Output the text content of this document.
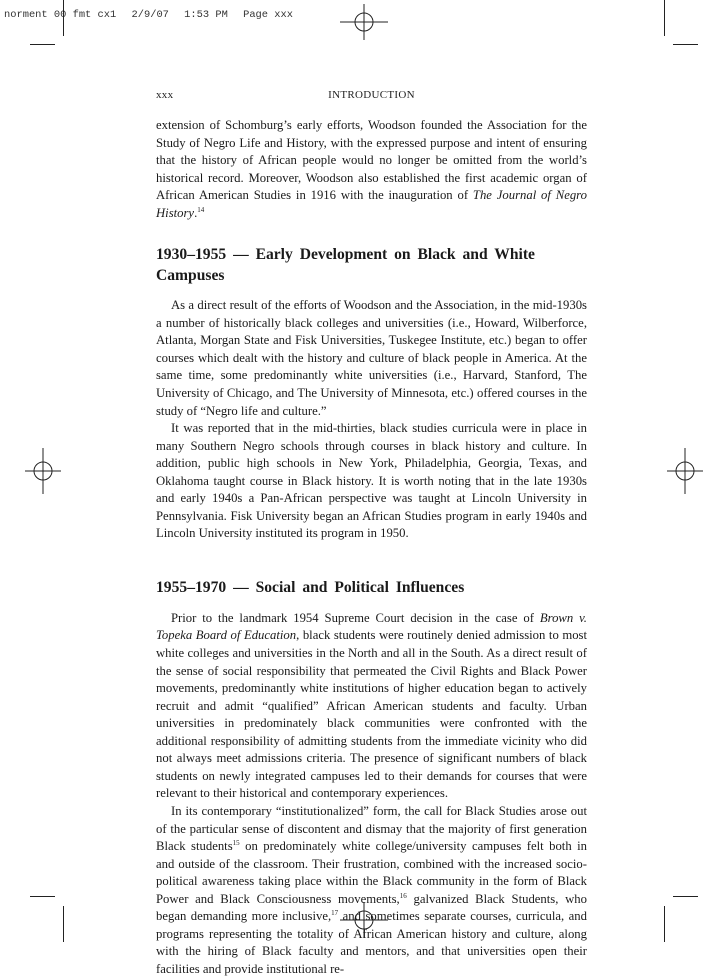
norment 00 fmt cx1 2/9/07 1:53 PM Page xxx
xxx	INTRODUCTION

extension of Schomburg’s early efforts, Woodson founded the Association for the Study of Negro Life and History, with the expressed purpose and intent of ensuring that the history of African people would no longer be omitted from the world’s historical record. Moreover, Woodson also established the first academic organ of African American Studies in 1916 with the inauguration of The Journal of Negro History.$^{14}$

1930–1955 — Early Development on Black and White Campuses

As a direct result of the efforts of Woodson and the Association, in the mid-1930s a number of historically black colleges and universities (i.e., Howard, Wilberforce, Atlanta, Morgan State and Fisk Universities, Tuskegee Institute, etc.) began to offer courses which dealt with the history and culture of black people in America. At the same time, some predominantly white universities (i.e., Harvard, Stanford, The University of Chicago, and The University of Minnesota, etc.) offered courses in the study of “Negro life and culture.”

It was reported that in the mid-thirties, black studies curricula were in place in many Southern Negro schools through courses in black history and culture. In addition, public high schools in New York, Philadelphia, Georgia, Texas, and Oklahoma taught course in Black history. It is worth noting that in the late 1930s and early 1940s a Pan-African perspective was taught at Lincoln University in Pennsylvania. Fisk University began an African Studies program in early 1940s and Lincoln University instituted its program in 1950.

1955–1970 — Social and Political Influences

Prior to the landmark 1954 Supreme Court decision in the case of Brown v. Topeka Board of Education, black students were routinely denied admission to most white colleges and universities in the North and all in the South. As a direct result of the sense of social responsibility that permeated the Civil Rights and Black Power movements, predominantly white institutions of higher education began to actively recruit and admit “qualified” African American students and faculty. Urban universities in predominately black communities were confronted with the additional responsibility of admitting students from the immediate vicinity who did not always meet admissions criteria. The presence of significant numbers of black students on newly integrated campuses led to their demands for courses that were relevant to their historical and contemporary experiences.

In its contemporary “institutionalized” form, the call for Black Studies arose out of the particular sense of discontent and dismay that the majority of first generation Black students$^{15}$ on predominately white college/university campuses felt both in and outside of the classroom. Their frustration, combined with the increased socio-political awareness taking place within the Black community in the form of Black Power and Black Consciousness movements,$^{16}$ galvanized Black Students, who began demanding more inclusive,$^{17}$ and sometimes separate courses, curricula, and programs representing the totality of African American history and culture, along with the hiring of Black faculty and mentors, and that universities open their facilities and provide institutional re-
